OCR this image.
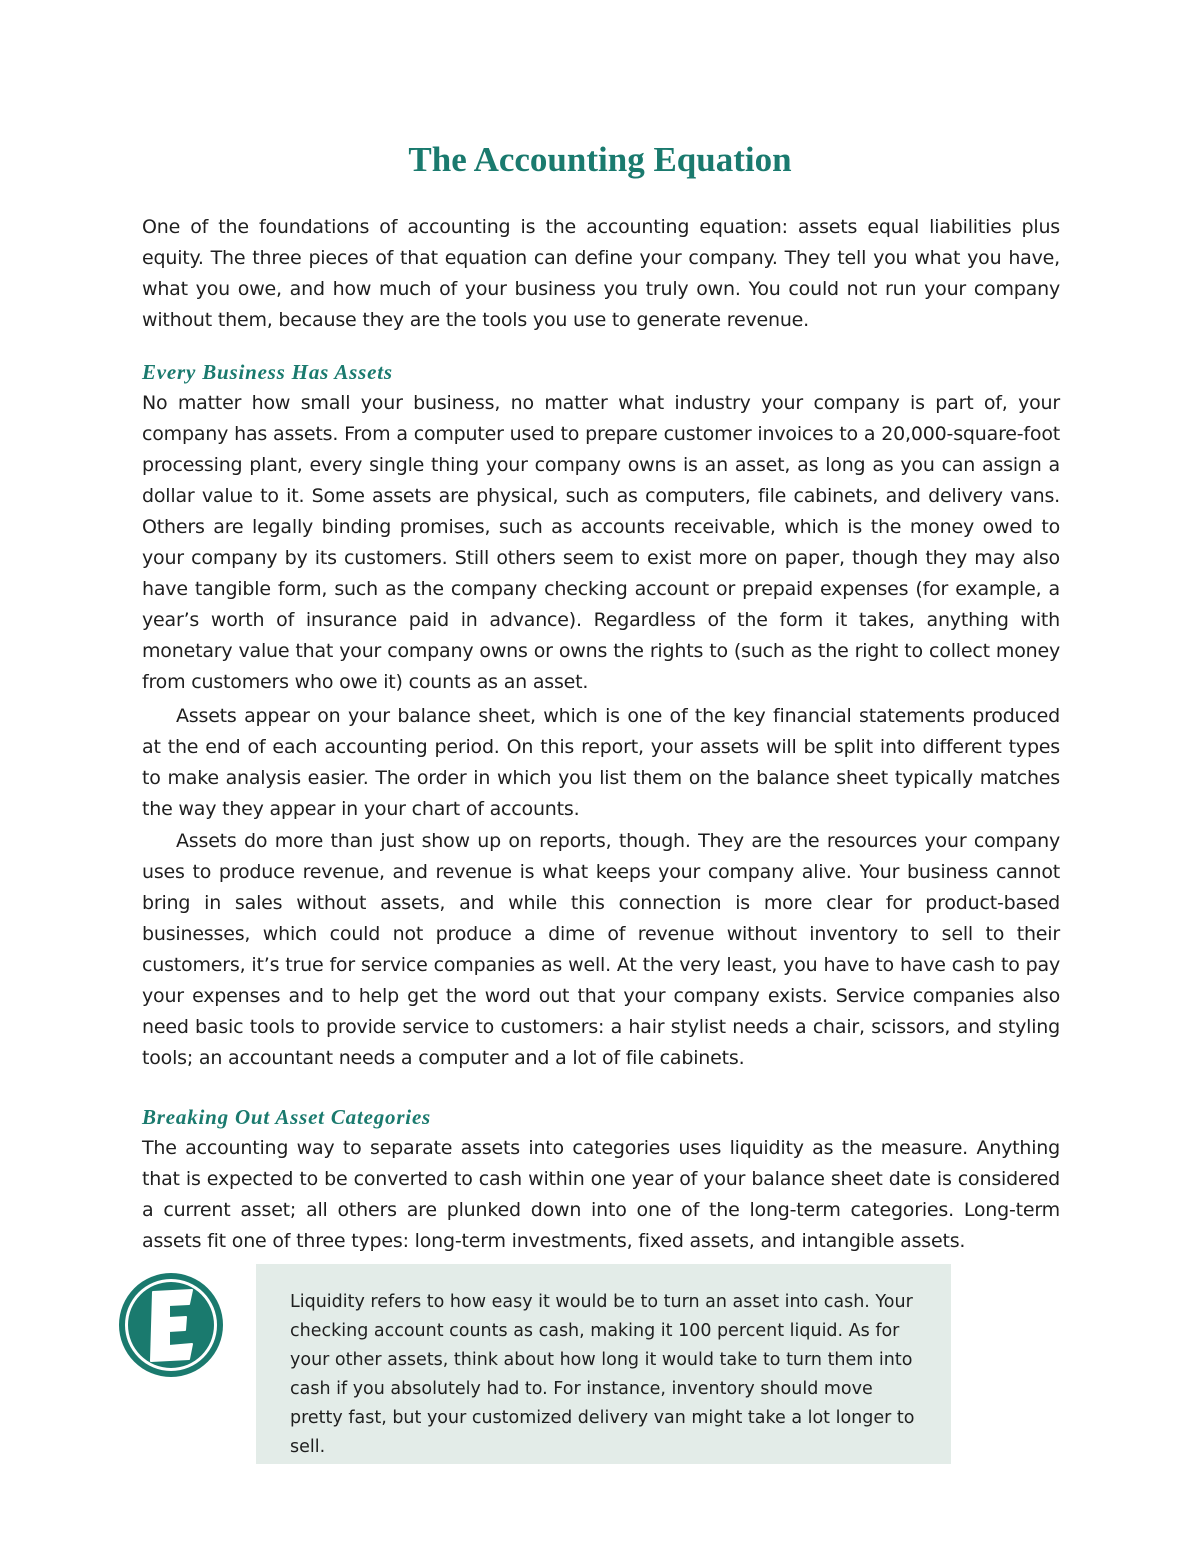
The Accounting Equation

One of the foundations of accounting is the accounting equation: assets equal liabilities plus equity. The three pieces of that equation can define your company. They tell you what you have, what you owe, and how much of your business you truly own. You could not run your company without them, because they are the tools you use to generate revenue.

Every Business Has Assets

No matter how small your business, no matter what industry your company is part of, your company has assets. From a computer used to prepare customer invoices to a 20,000-square-foot processing plant, every single thing your company owns is an asset, as long as you can assign a dollar value to it. Some assets are physical, such as computers, file cabinets, and delivery vans. Others are legally binding promises, such as accounts receivable, which is the money owed to your company by its customers. Still others seem to exist more on paper, though they may also have tangible form, such as the company checking account or prepaid expenses (for example, a year’s worth of insurance paid in advance). Regardless of the form it takes, anything with monetary value that your company owns or owns the rights to (such as the right to collect money from customers who owe it) counts as an asset.

Assets appear on your balance sheet, which is one of the key financial statements produced at the end of each accounting period. On this report, your assets will be split into different types to make analysis easier. The order in which you list them on the balance sheet typically matches the way they appear in your chart of accounts.

Assets do more than just show up on reports, though. They are the resources your company uses to produce revenue, and revenue is what keeps your company alive. Your business cannot bring in sales without assets, and while this connection is more clear for product-based businesses, which could not produce a dime of revenue without inventory to sell to their customers, it’s true for service companies as well. At the very least, you have to have cash to pay your expenses and to help get the word out that your company exists. Service companies also need basic tools to provide service to customers: a hair stylist needs a chair, scissors, and styling tools; an accountant needs a computer and a lot of file cabinets.

Breaking Out Asset Categories

The accounting way to separate assets into categories uses liquidity as the measure. Anything that is expected to be converted to cash within one year of your balance sheet date is considered a current asset; all others are plunked down into one of the long-term categories. Long-term assets fit one of three types: long-term investments, fixed assets, and intangible assets.

Liquidity refers to how easy it would be to turn an asset into cash. Your checking account counts as cash, making it 100 percent liquid. As for your other assets, think about how long it would take to turn them into cash if you absolutely had to. For instance, inventory should move pretty fast, but your customized delivery van might take a lot longer to sell.
